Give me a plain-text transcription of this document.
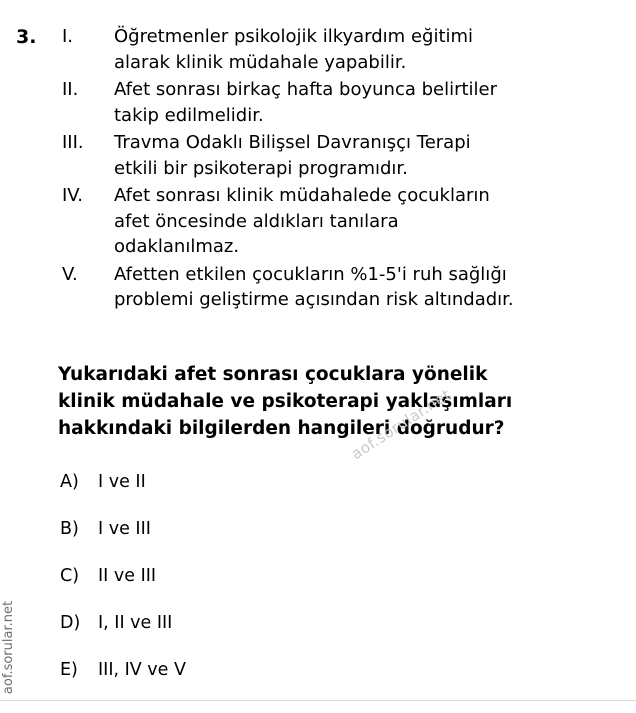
3. I.	Öğretmenler psikolojik ilkyardım eğitimi
alarak klinik müdahale yapabilir.
II.	Afet sonrası birkaç hafta boyunca belirtiler
takip edilmelidir.
III.	Travma Odaklı Bilişsel Davranışçı Terapi
etkili bir psikoterapi programıdır.
IV.	Afet sonrası klinik müdahalede çocukların
afet öncesinde aldıkları tanılara
odaklanılmaz.
V.	Afetten etkilen çocukların %1-5'i ruh sağlığı
problemi geliştirme açısından risk altındadır.
Yukarıdaki afet sonrası çocuklara yönelik
klinik müdahale ve psikoterapi yaklaşımları
hakkındaki bilgilerden hangileri doğrudur?
A)	I ve II
B)	I ve III
C)	II ve III
D)	I, II ve III
E)	III, IV ve V
aof.sorular.net
aof.sorular.net
